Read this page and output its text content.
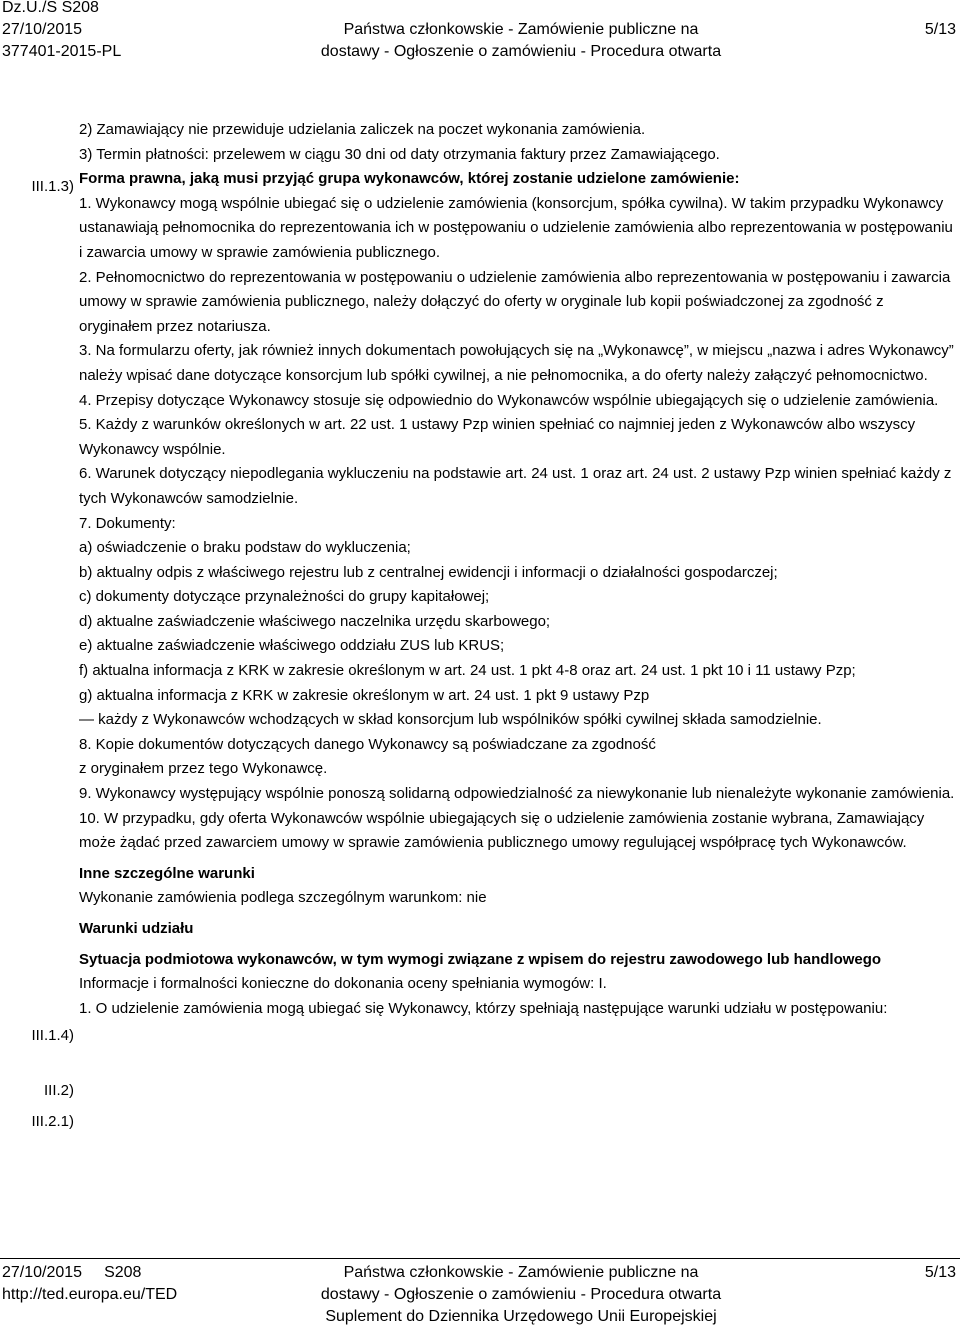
Dz.U./S S208
27/10/2015
377401-2015-PL
Państwa członkowskie - Zamówienie publiczne na
dostawy - Ogłoszenie o zamówieniu - Procedura otwarta
5/13
III.1.3)
III.1.4)
III.2)
III.2.1)

2) Zamawiający nie przewiduje udzielania zaliczek na poczet wykonania zamówienia.

3) Termin płatności: przelewem w ciągu 30 dni od daty otrzymania faktury przez Zamawiającego.

Forma prawna, jaką musi przyjąć grupa wykonawców, której zostanie udzielone zamówienie:

1. Wykonawcy mogą wspólnie ubiegać się o udzielenie zamówienia (konsorcjum, spółka cywilna). W takim przypadku Wykonawcy ustanawiają pełnomocnika do reprezentowania ich w postępowaniu o udzielenie zamówienia albo reprezentowania w postępowaniu i zawarcia umowy w sprawie zamówienia publicznego.

2. Pełnomocnictwo do reprezentowania w postępowaniu o udzielenie zamówienia albo reprezentowania w postępowaniu i zawarcia umowy w sprawie zamówienia publicznego, należy dołączyć do oferty w oryginale lub kopii poświadczonej za zgodność z oryginałem przez notariusza.

3. Na formularzu oferty, jak również innych dokumentach powołujących się na „Wykonawcę”, w miejscu „nazwa i adres Wykonawcy” należy wpisać dane dotyczące konsorcjum lub spółki cywilnej, a nie pełnomocnika, a do oferty należy załączyć pełnomocnictwo.

4. Przepisy dotyczące Wykonawcy stosuje się odpowiednio do Wykonawców wspólnie ubiegających się o udzielenie zamówienia.

5. Każdy z warunków określonych w art. 22 ust. 1 ustawy Pzp winien spełniać co najmniej jeden z Wykonawców albo wszyscy Wykonawcy wspólnie.

6. Warunek dotyczący niepodlegania wykluczeniu na podstawie art. 24 ust. 1 oraz art. 24 ust. 2 ustawy Pzp winien spełniać każdy z tych Wykonawców samodzielnie.

7. Dokumenty:

a) oświadczenie o braku podstaw do wykluczenia;

b) aktualny odpis z właściwego rejestru lub z centralnej ewidencji i informacji o działalności gospodarczej;

c) dokumenty dotyczące przynależności do grupy kapitałowej;

d) aktualne zaświadczenie właściwego naczelnika urzędu skarbowego;

e) aktualne zaświadczenie właściwego oddziału ZUS lub KRUS;

f) aktualna informacja z KRK w zakresie określonym w art. 24 ust. 1 pkt 4-8 oraz art. 24 ust. 1 pkt 10 i 11 ustawy Pzp;

g) aktualna informacja z KRK w zakresie określonym w art. 24 ust. 1 pkt 9 ustawy Pzp

— każdy z Wykonawców wchodzących w skład konsorcjum lub wspólników spółki cywilnej składa samodzielnie.

8. Kopie dokumentów dotyczących danego Wykonawcy są poświadczane za zgodność

z oryginałem przez tego Wykonawcę.

9. Wykonawcy występujący wspólnie ponoszą solidarną odpowiedzialność za niewykonanie lub nienależyte wykonanie zamówienia.

10. W przypadku, gdy oferta Wykonawców wspólnie ubiegających się o udzielenie zamówienia zostanie wybrana, Zamawiający może żądać przed zawarciem umowy w sprawie zamówienia publicznego umowy regulującej współpracę tych Wykonawców.

Inne szczególne warunki

Wykonanie zamówienia podlega szczególnym warunkom: nie

Warunki udziału

Sytuacja podmiotowa wykonawców, w tym wymogi związane z wpisem do rejestru zawodowego lub handlowego

Informacje i formalności konieczne do dokonania oceny spełniania wymogów: I.

1. O udzielenie zamówienia mogą ubiegać się Wykonawcy, którzy spełniają następujące warunki udziału w postępowaniu:

27/10/2015 S208
http://ted.europa.eu/TED
Państwa członkowskie - Zamówienie publiczne na
dostawy - Ogłoszenie o zamówieniu - Procedura otwarta
Suplement do Dziennika Urzędowego Unii Europejskiej
5/13
